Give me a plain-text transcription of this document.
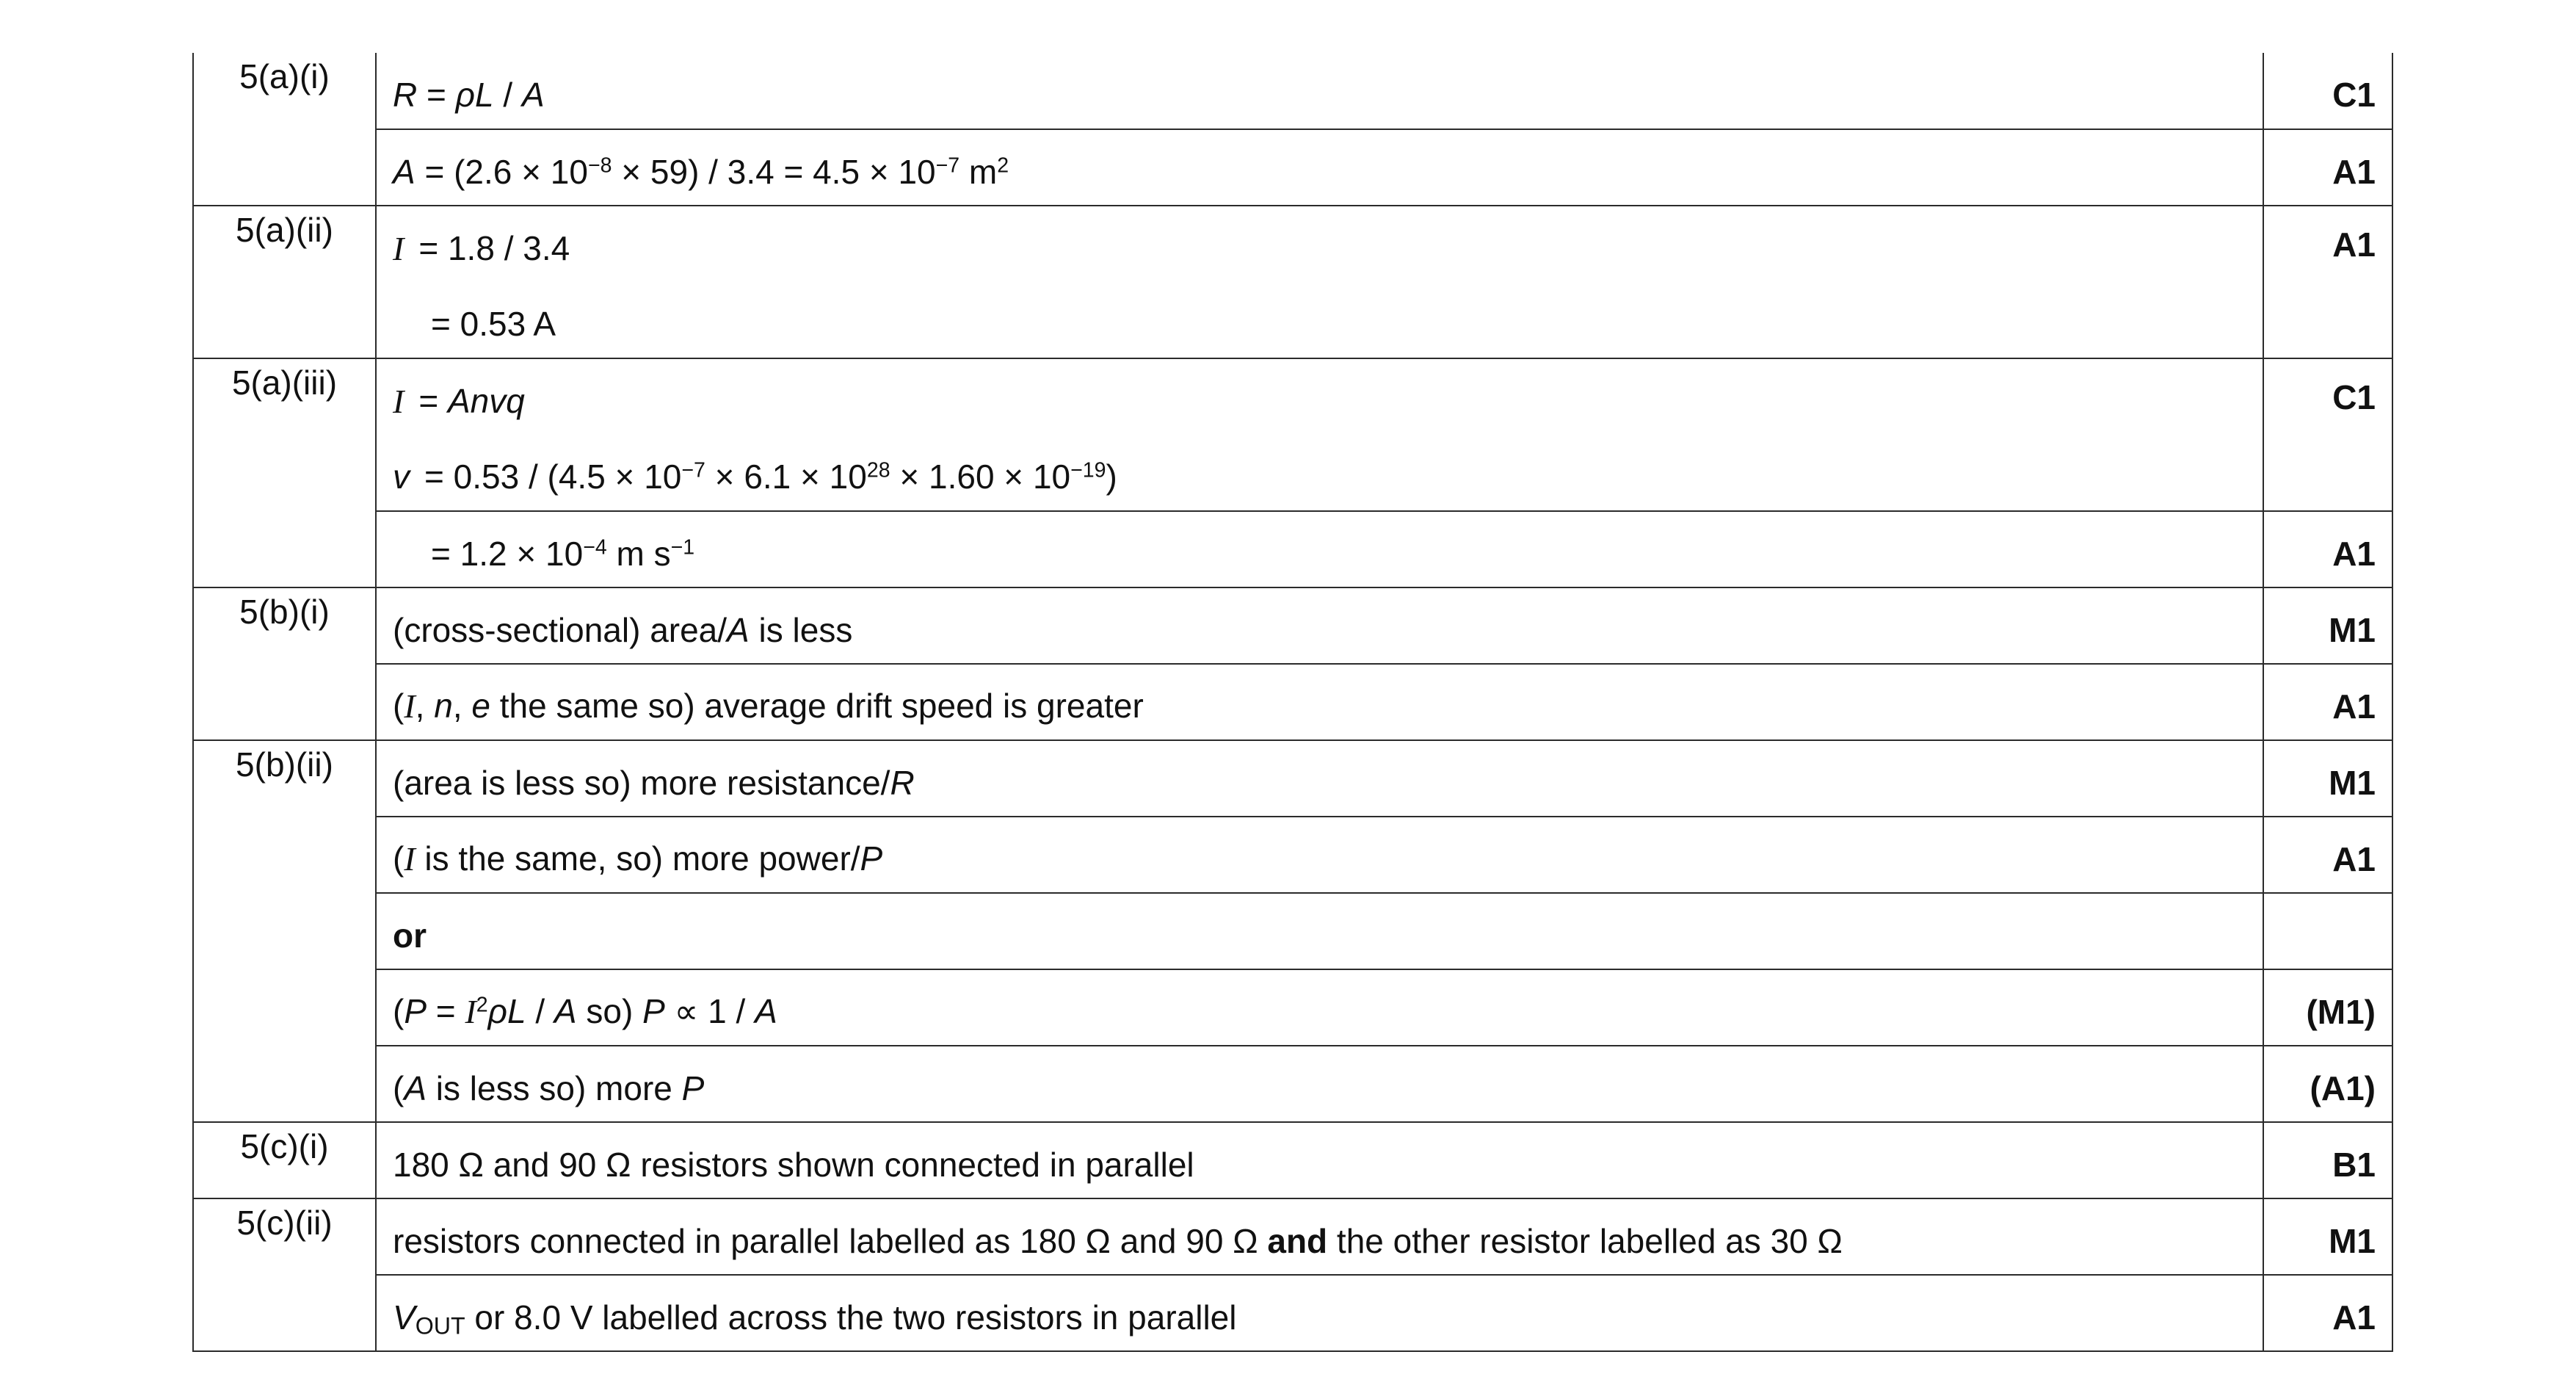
5(a)(i)	R = ρL / A	C1
	$A = (2.6 \times 10^{-8} \times 59) / 3.4 = 4.5 \times 10^{-7}$ $m^2$	A1
5(a)(ii)	I = 1.8 / 3.4	A1
	= 0.53 A	
5(a)(iii)	I = Anvq	C1
	$v = 0.53 / (4.5 \times 10^{-7} \times 6.1 \times 10^{28} \times 1.60 \times 10^{-19})$	
	= $1.2 \times 10^{-4}$ m $s^{-1}$	A1
5(b)(i)	(cross-sectional) area/A is less	M1
	(I, n, e the same so) average drift speed is greater	A1
5(b)(ii)	(area is less so) more resistance/R	M1
	(I is the same, so) more power/P	A1
	or	
	($P = I^2\rho L / A$ so) P ∝ 1 / A	(M1)
	(A is less so) more P	(A1)
5(c)(i)	180 Ω and 90 Ω resistors shown connected in parallel	B1
5(c)(ii)	resistors connected in parallel labelled as 180 Ω and 90 Ω and the other resistor labelled as 30 Ω	M1
	$V_{OUT}$ or 8.0 V labelled across the two resistors in parallel	A1
